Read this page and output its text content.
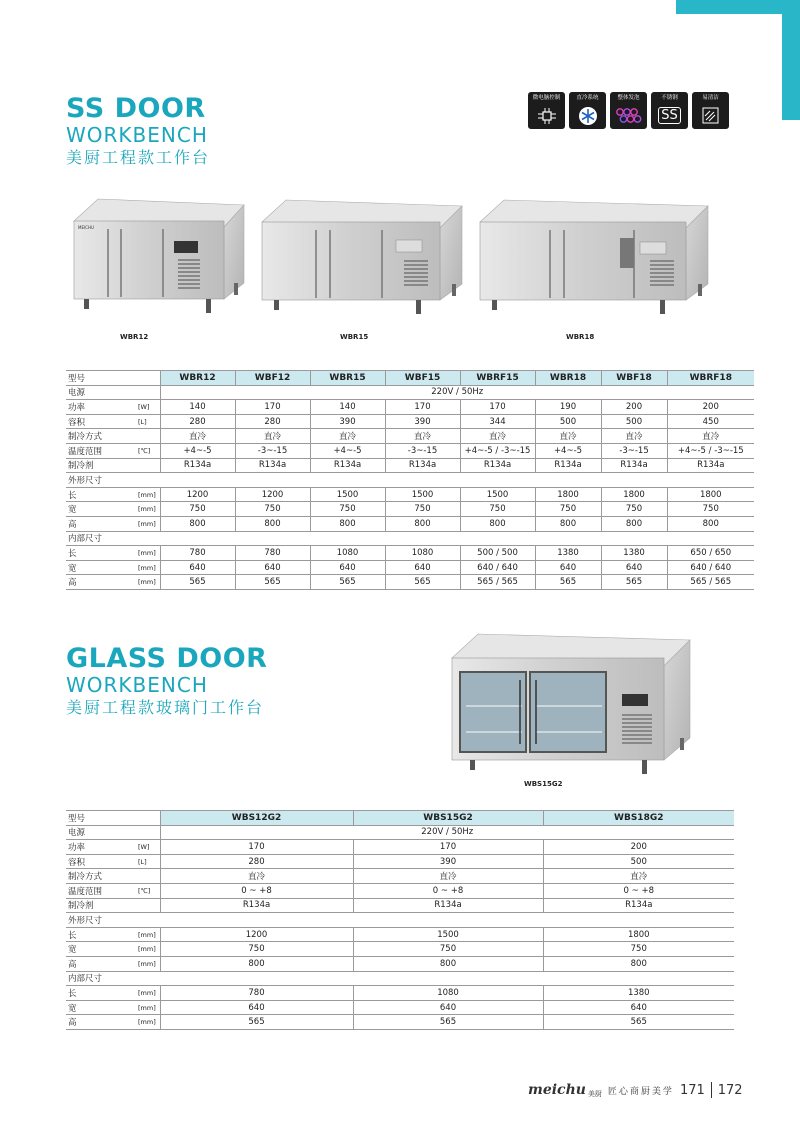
SS DOOR
WORKBENCH
美厨工程款工作台
微电脑控制	直冷系统	整体发泡	不锈钢
SS
易清洁
MEICHU
WBR12	WBR15	WBR18
型号		WBR12	WBF12	WBR15	WBF15	WBRF15	WBR18	WBF18	WBRF18
电源		220V / 50Hz							
功率	[W]	140	170	140	170	170	190	200	200
容积	[L]	280	280	390	390	344	500	500	450
制冷方式		直冷	直冷	直冷	直冷	直冷	直冷	直冷	直冷
温度范围	[℃]	+4~-5	-3~-15	+4~-5	-3~-15	+4~-5 / -3~-15	+4~-5	-3~-15	+4~-5 / -3~-15
制冷剂		R134a	R134a	R134a	R134a	R134a	R134a	R134a	R134a
外形尺寸									
长	[mm]	1200	1200	1500	1500	1500	1800	1800	1800
宽	[mm]	750	750	750	750	750	750	750	750
高	[mm]	800	800	800	800	800	800	800	800
内部尺寸									
长	[mm]	780	780	1080	1080	500 / 500	1380	1380	650 / 650
宽	[mm]	640	640	640	640	640 / 640	640	640	640 / 640
高	[mm]	565	565	565	565	565 / 565	565	565	565 / 565
GLASS DOOR
WORKBENCH
美厨工程款玻璃门工作台
WBS15G2
型号		WBS12G2	WBS15G2	WBS18G2
电源		220V / 50Hz		
功率	[W]	170	170	200
容积	[L]	280	390	500
制冷方式		直冷	直冷	直冷
温度范围	[℃]	0 ~ +8	0 ~ +8	0 ~ +8
制冷剂		R134a	R134a	R134a
外形尺寸				
长	[mm]	1200	1500	1800
宽	[mm]	750	750	750
高	[mm]	800	800	800
内部尺寸				
长	[mm]	780	1080	1380
宽	[mm]	640	640	640
高	[mm]	565	565	565
meichu 美厨 匠心商厨美学 171 172
